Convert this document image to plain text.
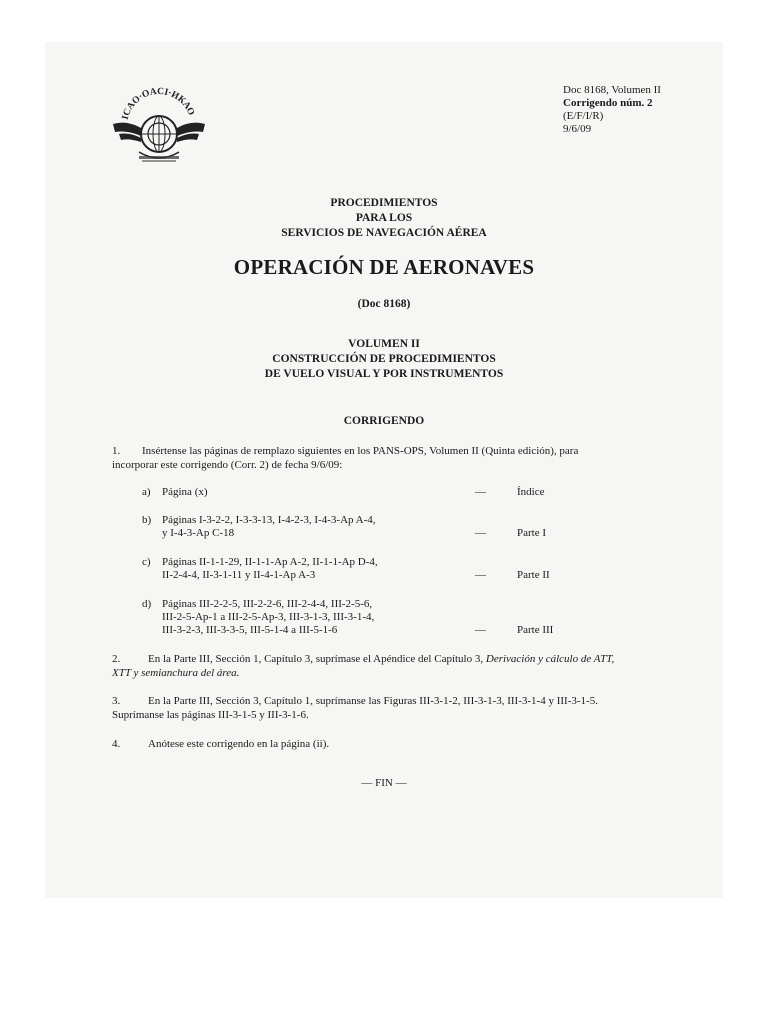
ICAO·OACI·ИКАО
Doc 8168, Volumen II
Corrigendo núm. 2
(E/F/I/R)
9/6/09
PROCEDIMIENTOS
PARA LOS
SERVICIOS DE NAVEGACIÓN AÉREA
OPERACIÓN DE AERONAVES
(Doc 8168)
VOLUMEN II
CONSTRUCCIÓN DE PROCEDIMIENTOS
DE VUELO VISUAL Y POR INSTRUMENTOS
CORRIGENDO
1. Insértense las páginas de remplazo siguientes en los PANS-OPS, Volumen II (Quinta edición), para
incorporar este corrigendo (Corr. 2) de fecha 9/6/09:
a) Página (x)	—	Índice
b) Páginas I-3-2-2, I-3-3-13, I-4-2-3, I-4-3-Ap A-4,
y I-4-3-Ap C-18	—	Parte I
c) Páginas II-1-1-29, II-1-1-Ap A-2, II-1-1-Ap D-4,
II-2-4-4, II-3-1-11 y II-4-1-Ap A-3	—	Parte II
d) Páginas III-2-2-5, III-2-2-6, III-2-4-4, III-2-5-6,
III-2-5-Ap-1 a III-2-5-Ap-3, III-3-1-3, III-3-1-4,
III-3-2-3, III-3-3-5, III-5-1-4 a III-5-1-6	—	Parte III
2.	En la Parte III, Sección 1, Capítulo 3, suprímase el Apéndice del Capítulo 3, Derivación y cálculo de ATT,
XTT y semianchura del área.
3.	En la Parte III, Sección 3, Capítulo 1, suprímanse las Figuras III-3-1-2, III-3-1-3, III-3-1-4 y III-3-1-5.
Suprímanse las páginas III-3-1-5 y III-3-1-6.
4.	Anótese este corrigendo en la página (ii).
— FIN —
